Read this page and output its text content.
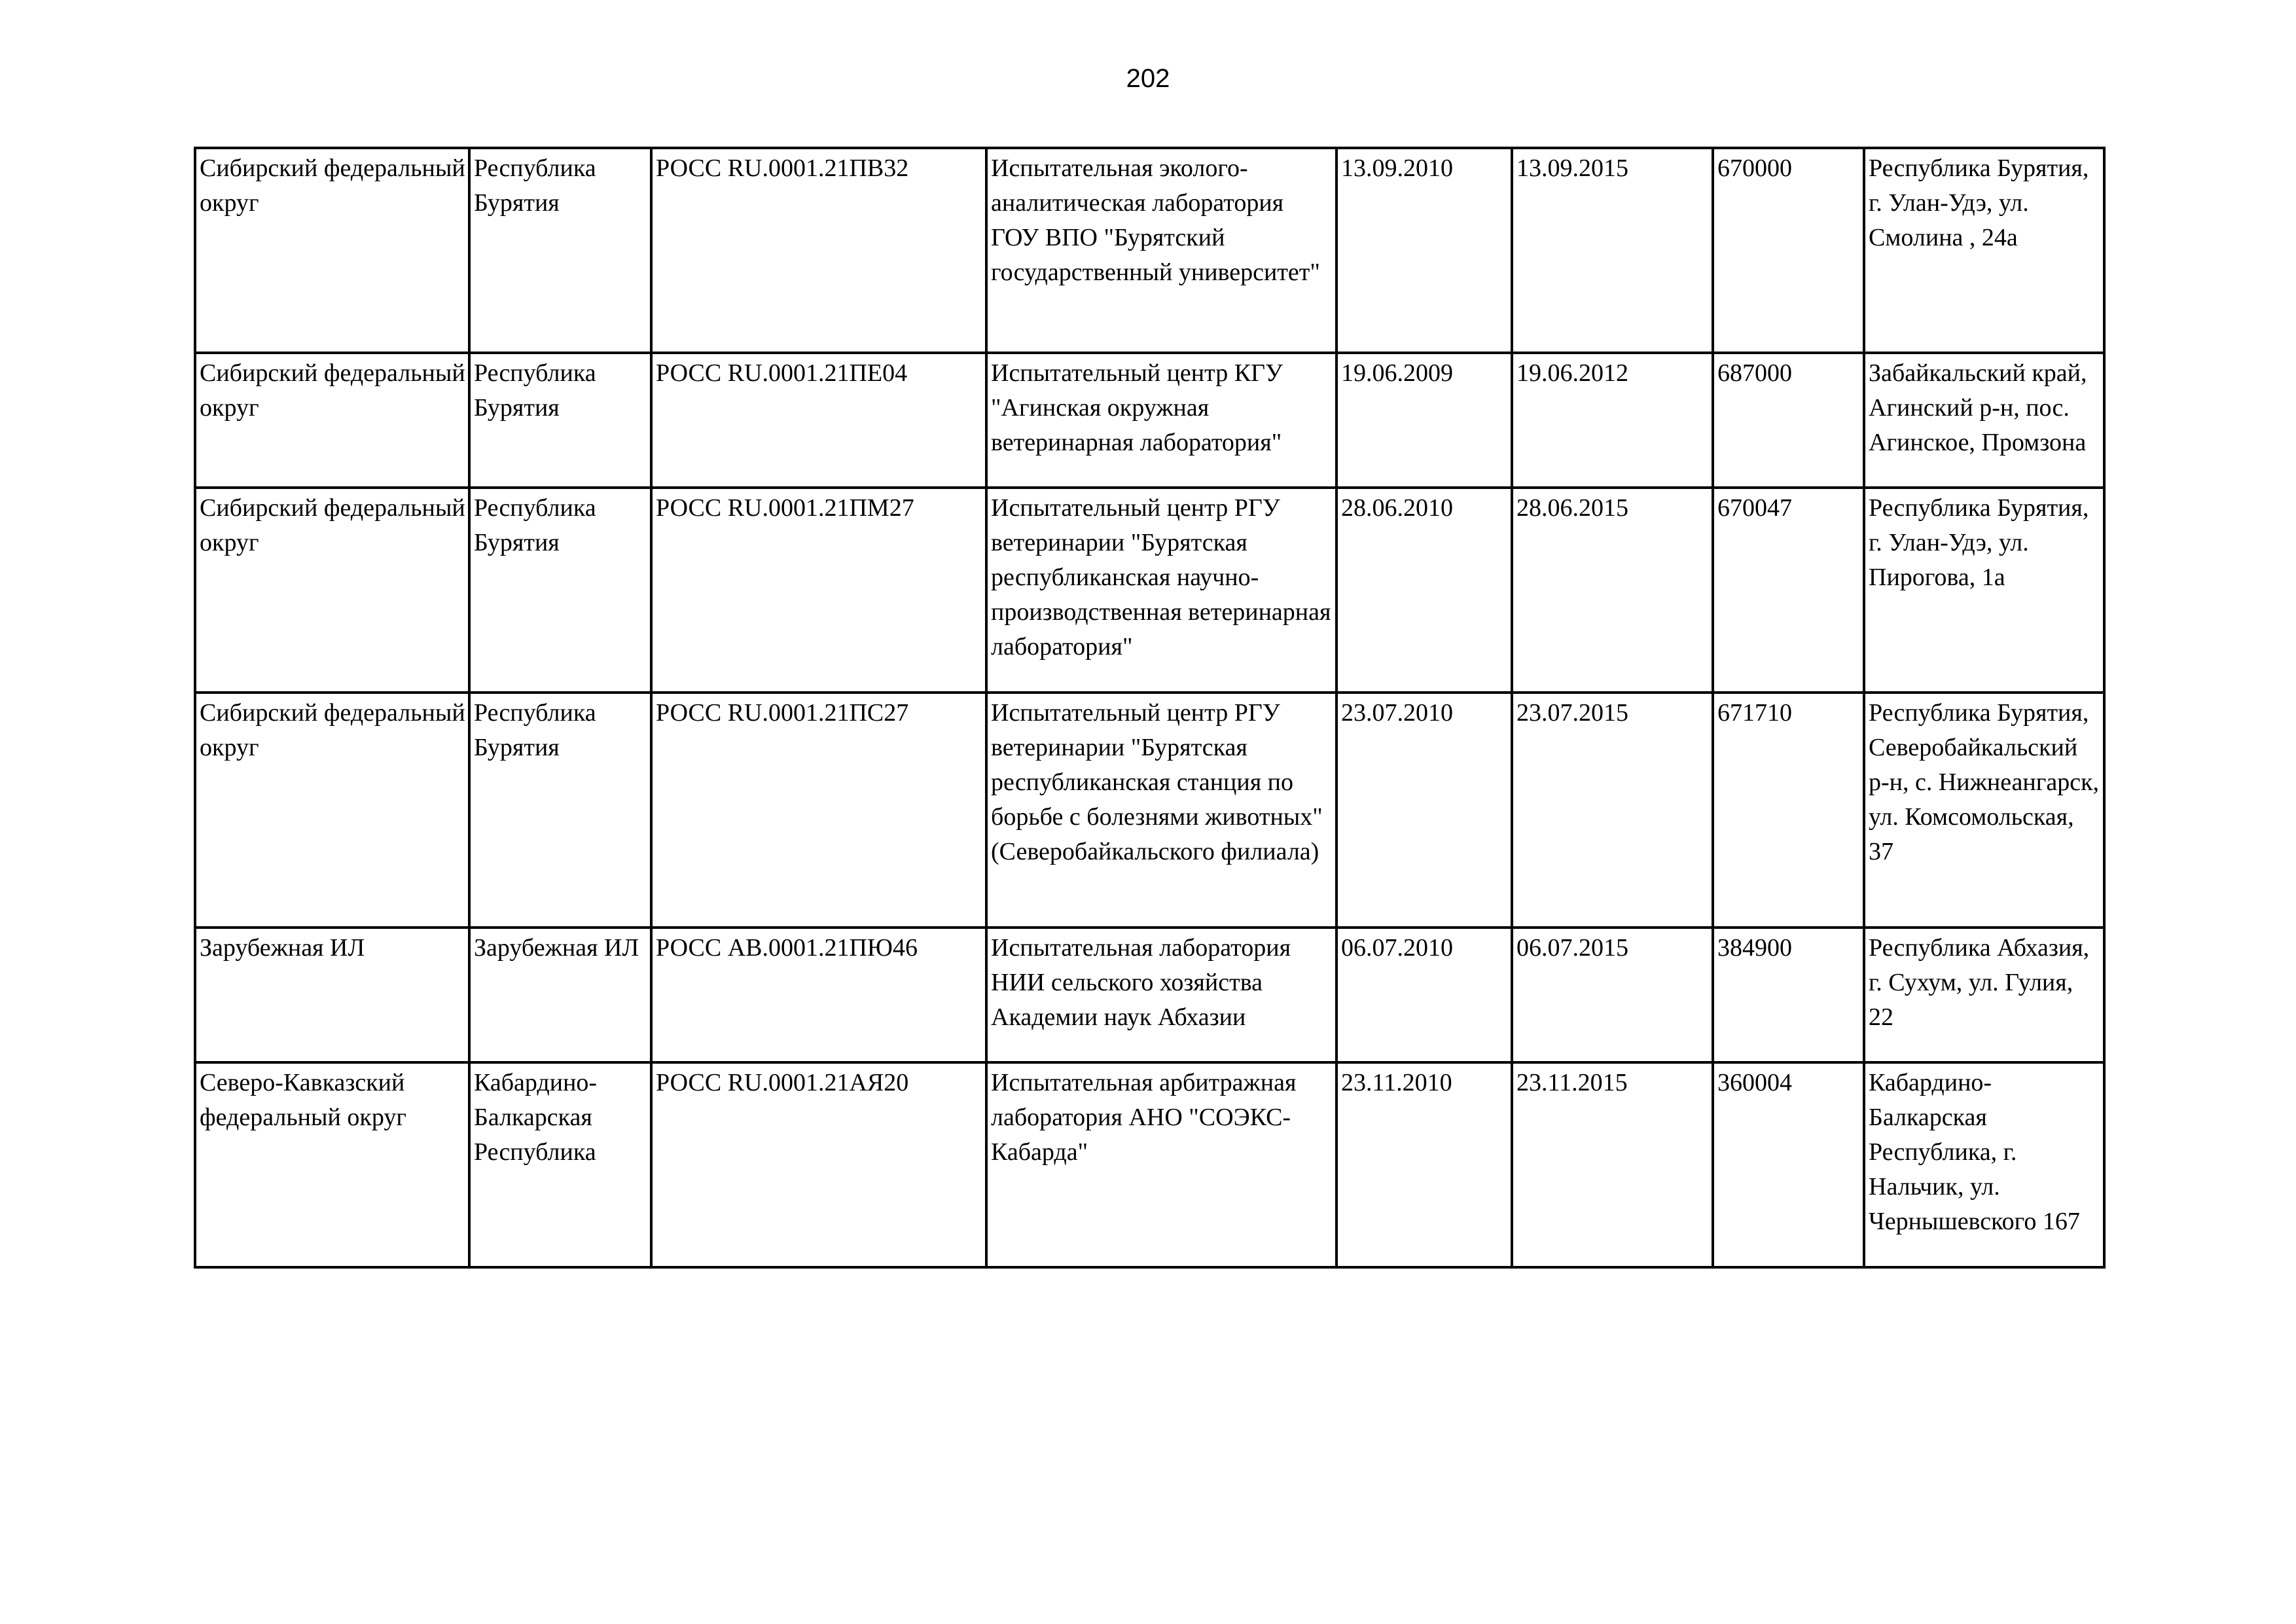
202
Сибирский федеральный округ	Республика Бурятия	РОСС RU.0001.21ПВ32	Испытательная эколого-аналитическая лаборатория ГОУ ВПО "Бурятский государственный университет"	13.09.2010	13.09.2015	670000	Республика Бурятия, г. Улан-Удэ, ул. Смолина , 24а
Сибирский федеральный округ	Республика Бурятия	РОСС RU.0001.21ПЕ04	Испытательный центр КГУ "Агинская окружная ветеринарная лаборатория"	19.06.2009	19.06.2012	687000	Забайкальский край, Агинский р-н, пос. Агинское, Промзона

Сибирский федеральный округ	Республика Бурятия	РОСС RU.0001.21ПМ27	Испытательный центр РГУ ветеринарии "Бурятская республиканская научно-производственная ветеринарная лаборатория"	28.06.2010	28.06.2015	670047	Республика Бурятия, г. Улан-Удэ, ул. Пирогова, 1а
Сибирский федеральный округ	Республика Бурятия	РОСС RU.0001.21ПС27	Испытательный центр РГУ ветеринарии "Бурятская республиканская станция по борьбе с болезнями животных" (Северобайкальского филиала)	23.07.2010	23.07.2015	671710	Республика Бурятия, Северобайкальский р-н, с. Нижнеангарск, ул. Комсомольская, 37
Зарубежная ИЛ	Зарубежная ИЛ	РОСС АВ.0001.21ПЮ46	Испытательная лаборатория НИИ сельского хозяйства Академии наук Абхазии	06.07.2010	06.07.2015	384900	Республика Абхазия, г. Сухум, ул. Гулия, 22
Северо-Кавказский федеральный округ	Кабардино-Балкарская Республика	РОСС RU.0001.21АЯ20	Испытательная арбитражная лаборатория АНО "СОЭКС-Кабарда"	23.11.2010	23.11.2015	360004	Кабардино-Балкарская Республика, г. Нальчик, ул. Чернышевского 167
